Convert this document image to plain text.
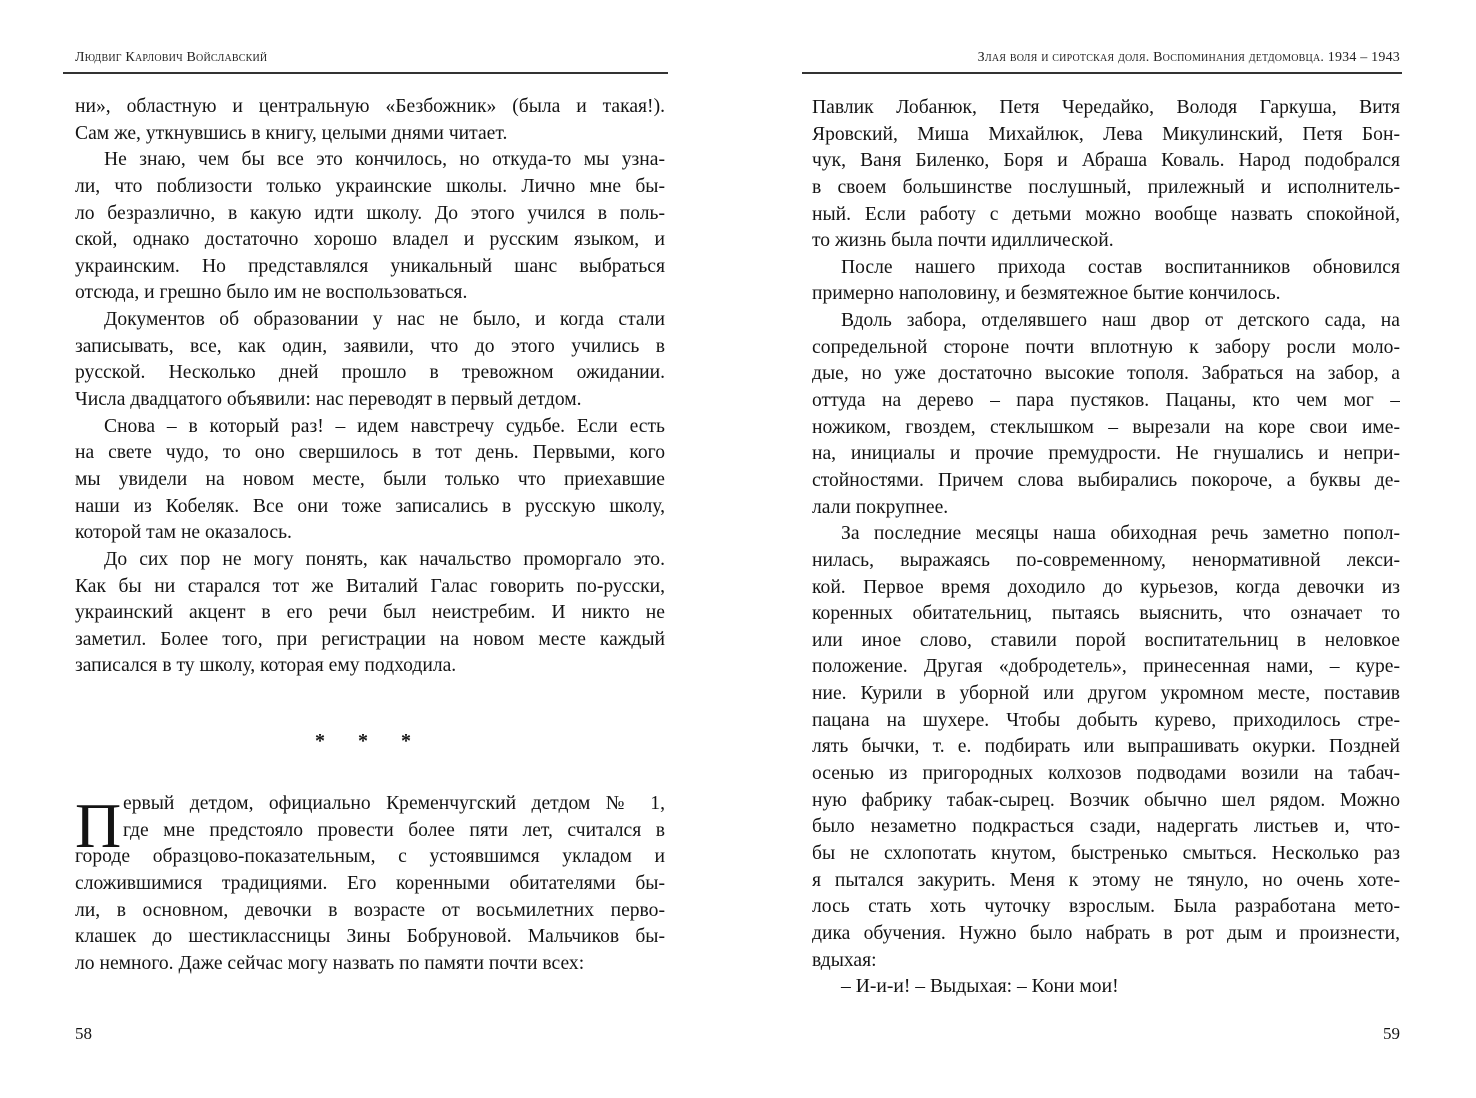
Людвиг Карлович Войславский
ни», областную и центральную «Безбожник» (была и такая!).
Сам же, уткнувшись в книгу, целыми днями читает.
Не знаю, чем бы все это кончилось, но откуда-то мы узна-
ли, что поблизости только украинские школы. Лично мне бы-
ло безразлично, в какую идти школу. До этого учился в поль-
ской, однако достаточно хорошо владел и русским языком, и
украинским. Но представлялся уникальный шанс выбраться
отсюда, и грешно было им не воспользоваться.
Документов об образовании у нас не было, и когда стали
записывать, все, как один, заявили, что до этого учились в
русской. Несколько дней прошло в тревожном ожидании.
Числа двадцатого объявили: нас переводят в первый детдом.
Снова – в который раз! – идем навстречу судьбе. Если есть
на свете чудо, то оно свершилось в тот день. Первыми, кого
мы увидели на новом месте, были только что приехавшие
наши из Кобеляк. Все они тоже записались в русскую школу,
которой там не оказалось.
До сих пор не могу понять, как начальство проморгало это.
Как бы ни старался тот же Виталий Галас говорить по-русски,
украинский акцент в его речи был неистребим. И никто не
заметил. Более того, при регистрации на новом месте каждый
записался в ту школу, которая ему подходила.
* * *
П ервый детдом, официально Кременчугский детдом № 1,
где мне предстояло провести более пяти лет, считался в
городе образцово-показательным, с устоявшимся укладом и
сложившимися традициями. Его коренными обитателями бы-
ли, в основном, девочки в возрасте от восьмилетних перво-
клашек до шестиклассницы Зины Бобруновой. Мальчиков бы-
ло немного. Даже сейчас могу назвать по памяти почти всех:
58
Злая воля и сиротская доля. Воспоминания детдомовца. 1934 – 1943
Павлик Лобанюк, Петя Чередайко, Володя Гаркуша, Витя
Яровский, Миша Михайлюк, Лева Микулинский, Петя Бон-
чук, Ваня Биленко, Боря и Абраша Коваль. Народ подобрался
в своем большинстве послушный, прилежный и исполнитель-
ный. Если работу с детьми можно вообще назвать спокойной,
то жизнь была почти идиллической.
После нашего прихода состав воспитанников обновился
примерно наполовину, и безмятежное бытие кончилось.
Вдоль забора, отделявшего наш двор от детского сада, на
сопредельной стороне почти вплотную к забору росли моло-
дые, но уже достаточно высокие тополя. Забраться на забор, а
оттуда на дерево – пара пустяков. Пацаны, кто чем мог –
ножиком, гвоздем, стеклышком – вырезали на коре свои име-
на, инициалы и прочие премудрости. Не гнушались и непри-
стойностями. Причем слова выбирались покороче, а буквы де-
лали покрупнее.
За последние месяцы наша обиходная речь заметно попол-
нилась, выражаясь по-современному, ненормативной лекси-
кой. Первое время доходило до курьезов, когда девочки из
коренных обитательниц, пытаясь выяснить, что означает то
или иное слово, ставили порой воспитательниц в неловкое
положение. Другая «добродетель», принесенная нами, – куре-
ние. Курили в уборной или другом укромном месте, поставив
пацана на шухере. Чтобы добыть курево, приходилось стре-
лять бычки, т. е. подбирать или выпрашивать окурки. Поздней
осенью из пригородных колхозов подводами возили на табач-
ную фабрику табак-сырец. Возчик обычно шел рядом. Можно
было незаметно подкрасться сзади, надергать листьев и, что-
бы не схлопотать кнутом, быстренько смыться. Несколько раз
я пытался закурить. Меня к этому не тянуло, но очень хоте-
лось стать хоть чуточку взрослым. Была разработана мето-
дика обучения. Нужно было набрать в рот дым и произнести,
вдыхая:
– И-и-и! – Выдыхая: – Кони мои!
59
